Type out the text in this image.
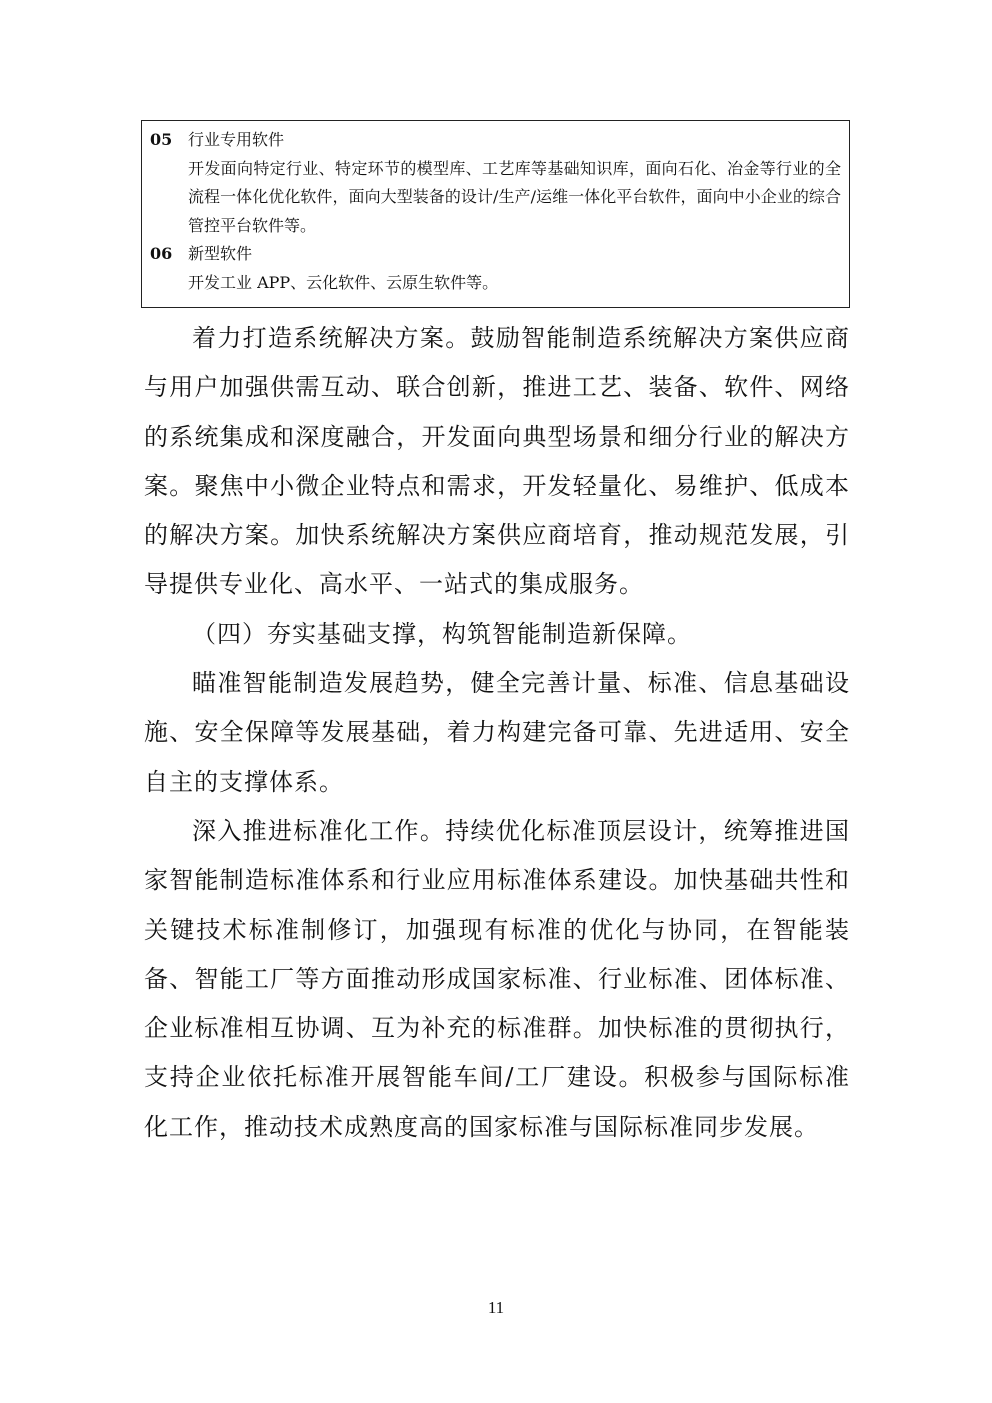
05 行业专用软件
开发面向特定行业、特定环节的模型库、工艺库等基础知识库，面向石化、冶金等行业的全流程一体化优化软件，面向大型装备的设计/生产/运维一体化平台软件，面向中小企业的综合管控平台软件等。
06 新型软件
开发工业 APP、云化软件、云原生软件等。

着力打造系统解决方案。鼓励智能制造系统解决方案供应商与用户加强供需互动、联合创新，推进工艺、装备、软件、网络的系统集成和深度融合，开发面向典型场景和细分行业的解决方案。聚焦中小微企业特点和需求，开发轻量化、易维护、低成本的解决方案。加快系统解决方案供应商培育，推动规范发展，引导提供专业化、高水平、一站式的集成服务。

（四）夯实基础支撑，构筑智能制造新保障。

瞄准智能制造发展趋势，健全完善计量、标准、信息基础设施、安全保障等发展基础，着力构建完备可靠、先进适用、安全自主的支撑体系。

深入推进标准化工作。持续优化标准顶层设计，统筹推进国家智能制造标准体系和行业应用标准体系建设。加快基础共性和关键技术标准制修订，加强现有标准的优化与协同，在智能装备、智能工厂等方面推动形成国家标准、行业标准、团体标准、企业标准相互协调、互为补充的标准群。加快标准的贯彻执行，支持企业依托标准开展智能车间/工厂建设。积极参与国际标准化工作，推动技术成熟度高的国家标准与国际标准同步发展。

11
